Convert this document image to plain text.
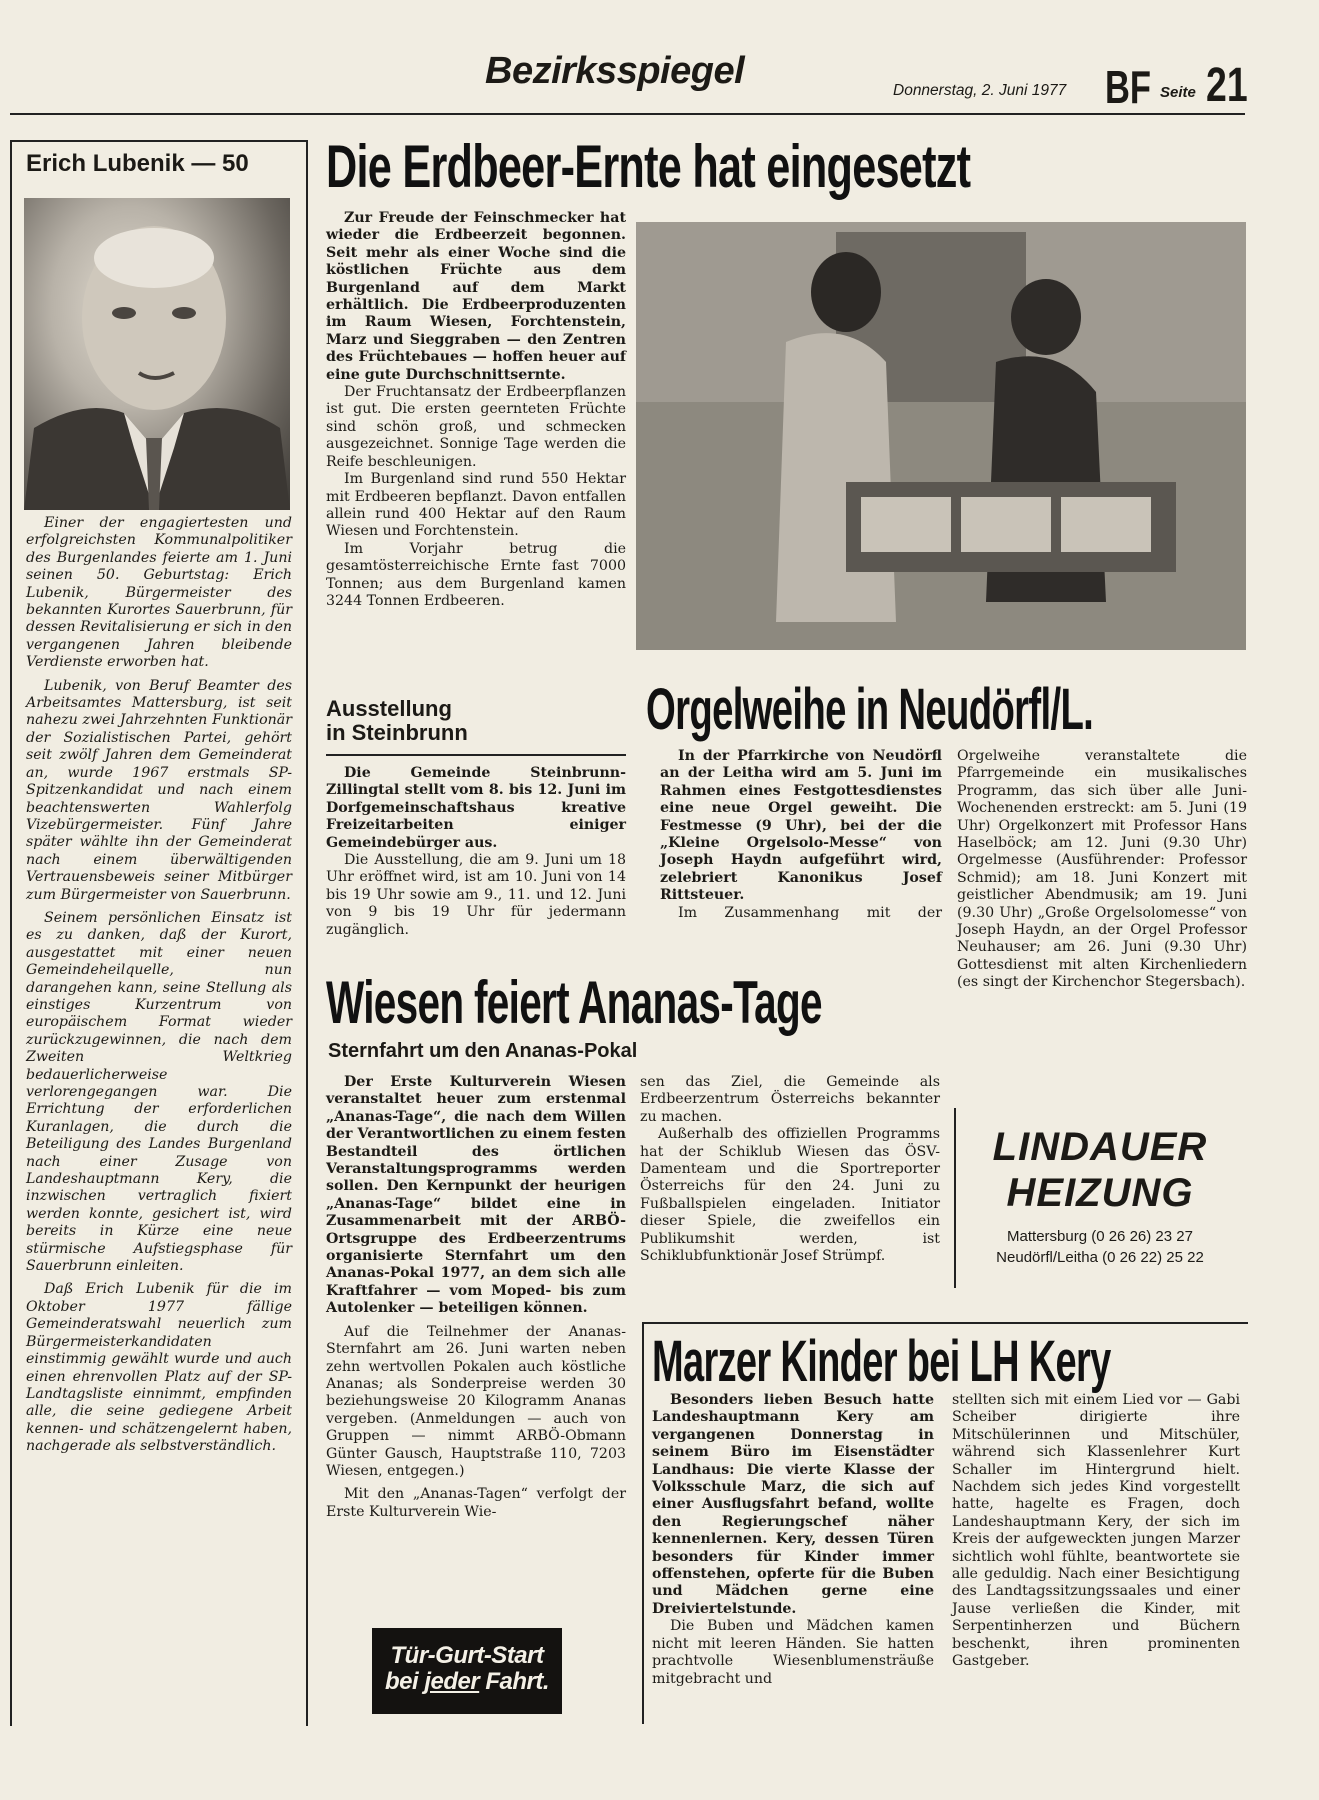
Bezirksspiegel	Donnerstag, 2. Juni 1977 BF Seite 21
Erich Lubenik — 50

Einer der engagiertesten und erfolgreichsten Kommunalpolitiker des Burgenlandes feierte am 1. Juni seinen 50. Geburtstag: Erich Lubenik, Bürgermeister des bekannten Kurortes Sauerbrunn, für dessen Revitalisierung er sich in den vergangenen Jahren bleibende Verdienste erworben hat.

Lubenik, von Beruf Beamter des Arbeitsamtes Mattersburg, ist seit nahezu zwei Jahrzehnten Funktionär der Sozialistischen Partei, gehört seit zwölf Jahren dem Gemeinderat an, wurde 1967 erstmals SP-Spitzenkandidat und nach einem beachtenswerten Wahlerfolg Vizebürgermeister. Fünf Jahre später wählte ihn der Gemeinderat nach einem überwältigenden Vertrauensbeweis seiner Mitbürger zum Bürgermeister von Sauerbrunn.

Seinem persönlichen Einsatz ist es zu danken, daß der Kurort, ausgestattet mit einer neuen Gemeindeheilquelle, nun darangehen kann, seine Stellung als einstiges Kurzentrum von europäischem Format wieder zurückzugewinnen, die nach dem Zweiten Weltkrieg bedauerlicherweise verlorengegangen war. Die Errichtung der erforderlichen Kuranlagen, die durch die Beteiligung des Landes Burgenland nach einer Zusage von Landeshauptmann Kery, die inzwischen vertraglich fixiert werden konnte, gesichert ist, wird bereits in Kürze eine neue stürmische Aufstiegsphase für Sauerbrunn einleiten.

Daß Erich Lubenik für die im Oktober 1977 fällige Gemeinderatswahl neuerlich zum Bürgermeisterkandidaten einstimmig gewählt wurde und auch einen ehrenvollen Platz auf der SP-Landtagsliste einnimmt, empfinden alle, die seine gediegene Arbeit kennen- und schätzengelernt haben, nachgerade als selbstverständlich.

Die Erdbeer-Ernte hat eingesetzt

Zur Freude der Feinschmecker hat wieder die Erdbeerzeit begonnen. Seit mehr als einer Woche sind die köstlichen Früchte aus dem Burgenland auf dem Markt erhältlich. Die Erdbeerproduzenten im Raum Wiesen, Forchtenstein, Marz und Sieggraben — den Zentren des Früchtebaues — hoffen heuer auf eine gute Durchschnittsernte.

Der Fruchtansatz der Erdbeerpflanzen ist gut. Die ersten geernteten Früchte sind schön groß, und schmecken ausgezeichnet. Sonnige Tage werden die Reife beschleunigen.

Im Burgenland sind rund 550 Hektar mit Erdbeeren bepflanzt. Davon entfallen allein rund 400 Hektar auf den Raum Wiesen und Forchtenstein.

Im Vorjahr betrug die gesamtösterreichische Ernte fast 7000 Tonnen; aus dem Burgenland kamen 3244 Tonnen Erdbeeren.

Ausstellung
in Steinbrunn

Die Gemeinde Steinbrunn-Zillingtal stellt vom 8. bis 12. Juni im Dorfgemeinschaftshaus kreative Freizeitarbeiten einiger Gemeindebürger aus.

Die Ausstellung, die am 9. Juni um 18 Uhr eröffnet wird, ist am 10. Juni von 14 bis 19 Uhr sowie am 9., 11. und 12. Juni von 9 bis 19 Uhr für jedermann zugänglich.

Orgelweihe in Neudörfl/L.

In der Pfarrkirche von Neudörfl an der Leitha wird am 5. Juni im Rahmen eines Festgottesdienstes eine neue Orgel geweiht. Die Festmesse (9 Uhr), bei der die „Kleine Orgelsolo-Messe“ von Joseph Haydn aufgeführt wird, zelebriert Kanonikus Josef Rittsteuer.

Im Zusammenhang mit der

Orgelweihe veranstaltete die Pfarrgemeinde ein musikalisches Programm, das sich über alle Juni-Wochenenden erstreckt: am 5. Juni (19 Uhr) Orgelkonzert mit Professor Hans Haselböck; am 12. Juni (9.30 Uhr) Orgelmesse (Ausführender: Professor Schmid); am 18. Juni Konzert mit geistlicher Abendmusik; am 19. Juni (9.30 Uhr) „Große Orgelsolomesse“ von Joseph Haydn, an der Orgel Professor Neuhauser; am 26. Juni (9.30 Uhr) Gottesdienst mit alten Kirchenliedern (es singt der Kirchenchor Stegersbach).

Wiesen feiert Ananas-Tage
Sternfahrt um den Ananas-Pokal

Der Erste Kulturverein Wiesen veranstaltet heuer zum erstenmal „Ananas-Tage“, die nach dem Willen der Verantwortlichen zu einem festen Bestandteil des örtlichen Veranstaltungsprogramms werden sollen. Den Kernpunkt der heurigen „Ananas-Tage“ bildet eine in Zusammenarbeit mit der ARBÖ-Ortsgruppe des Erdbeerzentrums organisierte Sternfahrt um den Ananas-Pokal 1977, an dem sich alle Kraftfahrer — vom Moped- bis zum Autolenker — beteiligen können.

Auf die Teilnehmer der Ananas-Sternfahrt am 26. Juni warten neben zehn wertvollen Pokalen auch köstliche Ananas; als Sonderpreise werden 30 beziehungsweise 20 Kilogramm Ananas vergeben. (Anmeldungen — auch von Gruppen — nimmt ARBÖ-Obmann Günter Gausch, Hauptstraße 110, 7203 Wiesen, entgegen.)

Mit den „Ananas-Tagen“ verfolgt der Erste Kulturverein Wie-

sen das Ziel, die Gemeinde als Erdbeerzentrum Österreichs bekannter zu machen.

Außerhalb des offiziellen Programms hat der Schiklub Wiesen das ÖSV-Damenteam und die Sportreporter Österreichs für den 24. Juni zu Fußballspielen eingeladen. Initiator dieser Spiele, die zweifellos ein Publikumshit werden, ist Schiklubfunktionär Josef Strümpf.

Tür-Gurt-Start
bei jeder Fahrt.
LINDAUER
HEIZUNG
Mattersburg (0 26 26) 23 27
Neudörfl/Leitha (0 26 22) 25 22
Marzer Kinder bei LH Kery

Besonders lieben Besuch hatte Landeshauptmann Kery am vergangenen Donnerstag in seinem Büro im Eisenstädter Landhaus: Die vierte Klasse der Volksschule Marz, die sich auf einer Ausflugsfahrt befand, wollte den Regierungschef näher kennenlernen. Kery, dessen Türen besonders für Kinder immer offenstehen, opferte für die Buben und Mädchen gerne eine Dreiviertelstunde.

Die Buben und Mädchen kamen nicht mit leeren Händen. Sie hatten prachtvolle Wiesenblumensträuße mitgebracht und

stellten sich mit einem Lied vor — Gabi Scheiber dirigierte ihre Mitschülerinnen und Mitschüler, während sich Klassenlehrer Kurt Schaller im Hintergrund hielt. Nachdem sich jedes Kind vorgestellt hatte, hagelte es Fragen, doch Landeshauptmann Kery, der sich im Kreis der aufgeweckten jungen Marzer sichtlich wohl fühlte, beantwortete sie alle geduldig. Nach einer Besichtigung des Landtagssitzungssaales und einer Jause verließen die Kinder, mit Serpentinherzen und Büchern beschenkt, ihren prominenten Gastgeber.
